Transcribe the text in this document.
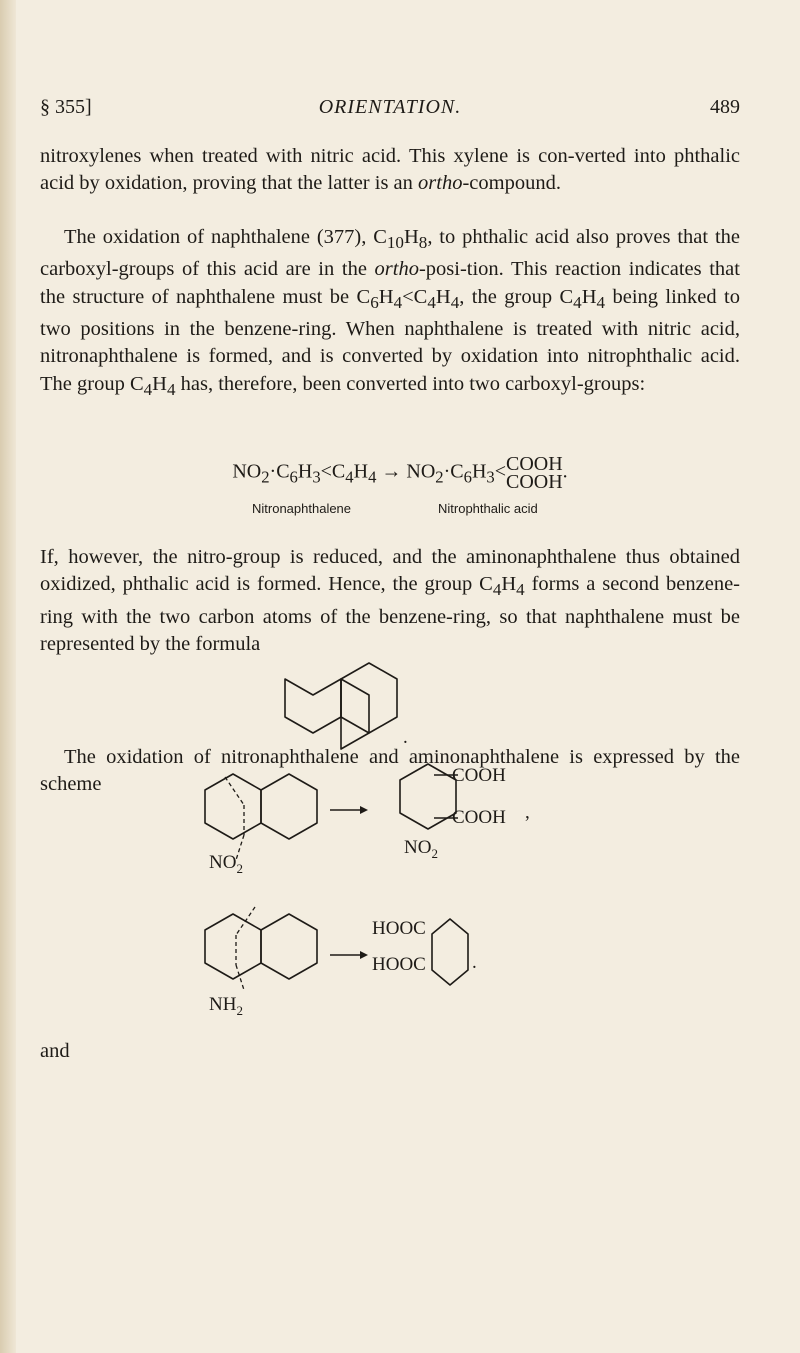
§ 355]	ORIENTATION.	489

nitroxylenes when treated with nitric acid. This xylene is con-verted into phthalic acid by oxidation, proving that the latter is an ortho-compound.

The oxidation of naphthalene (377), $C_{10}H_8$, to phthalic acid also proves that the carboxyl-groups of this acid are in the ortho-posi-tion. This reaction indicates that the structure of naphthalene must be $C_6H_4<C_4H_4$, the group $C_4H_4$ being linked to two positions in the benzene-ring. When naphthalene is treated with nitric acid, nitronaphthalene is formed, and is converted by oxidation into nitrophthalic acid. The group $C_4H_4$ has, therefore, been converted into two carboxyl-groups:

$NO_2\cdot C_6H_3<C_4H_4$ → $NO_2\cdot C_6H_3<COOH$
COOH.
Nitronaphthalene	Nitrophthalic acid

If, however, the nitro-group is reduced, and the aminonaphthalene thus obtained oxidized, phthalic acid is formed. Hence, the group $C_4H_4$ forms a second benzene-ring with the two carbon atoms of the benzene-ring, so that naphthalene must be represented by the formula

The oxidation of nitronaphthalene and aminonaphthalene is expressed by the scheme

and
.
$NO_2$
COOH
COOH ,
$NO_2$
$NH_2$
HOOC
HOOC .
